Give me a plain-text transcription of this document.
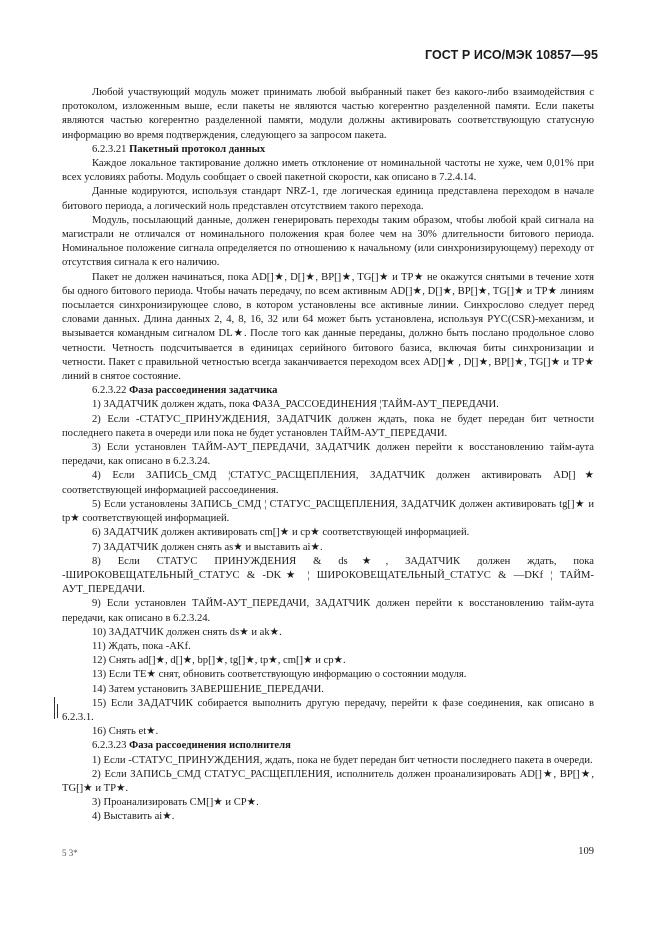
ГОСТ Р ИСО/МЭК 10857—95

Любой участвующий модуль может принимать любой выбранный пакет без какого-либо взаимодействия с протоколом, изложенным выше, если пакеты не являются частью когерентно разделенной памяти. Если пакеты являются частью когерентно разделенной памяти, модули должны активировать соответствующую статусную информацию во время подтверждения, следующего за запросом пакета.

6.2.3.21 Пакетный протокол данных

Каждое локальное тактирование должно иметь отклонение от номинальной частоты не хуже, чем 0,01% при всех условиях работы. Модуль сообщает о своей пакетной скорости, как описано в 7.2.4.14.

Данные кодируются, используя стандарт NRZ-1, где логическая единица представлена переходом в начале битового периода, а логический ноль представлен отсутствием такого перехода.

Модуль, посылающий данные, должен генерировать переходы таким образом, чтобы любой край сигнала на магистрали не отличался от номинального положения края более чем на 30% длительности битового периода. Номинальное положение сигнала определяется по отношению к начальному (или синхронизирующему) переходу от отсутствия сигнала к его наличию.

Пакет не должен начинаться, пока AD[]★, D[]★, BP[]★, TG[]★ и TP★ не окажутся снятыми в течение хотя бы одного битового периода. Чтобы начать передачу, по всем активным AD[]★, D[]★, BP[]★, TG[]★ и TP★ линиям посылается синхронизирующее слово, в котором установлены все активные линии. Синхрослово следует перед словами данных. Длина данных 2, 4, 8, 16, 32 или 64 может быть установлена, используя PYC(CSR)-механизм, и вызывается командным сигналом DL★. После того как данные переданы, должно быть послано продольное слово четности. Четность подсчитывается в единицах серийного битового базиса, включая биты синхронизации и четности. Пакет с правильной четностью всегда заканчивается переходом всех AD[]★ , D[]★, BP[]★, TG[]★ и TP★ линий в снятое состояние.

6.2.3.22 Фаза рассоединения задатчика

1) ЗАДАТЧИК должен ждать, пока ФАЗА_РАССОЕДИНЕНИЯ ¦ТАЙМ-АУТ_ПЕРЕДАЧИ.

2) Если -СТАТУС_ПРИНУЖДЕНИЯ, ЗАДАТЧИК должен ждать, пока не будет передан бит четности последнего пакета в очереди или пока не будет установлен ТАЙМ-АУТ_ПЕРЕДАЧИ.

3) Если установлен ТАЙМ-АУТ_ПЕРЕДАЧИ, ЗАДАТЧИК должен перейти к восстановлению тайм-аута передачи, как описано в 6.2.3.24.

4) Если ЗАПИСЬ_СМД ¦СТАТУС_РАСЩЕПЛЕНИЯ, ЗАДАТЧИК должен активировать AD[]★ соответствующей информацией рассоединения.

5) Если установлены ЗАПИСЬ_СМД ¦ СТАТУС_РАСЩЕПЛЕНИЯ, ЗАДАТЧИК должен активировать tg[]★ и tp★ соответствующей информацией.

6) ЗАДАТЧИК должен активировать cm[]★ и cp★ соответствующей информацией.

7) ЗАДАТЧИК должен снять as★ и выставить ai★.

8) Если СТАТУС ПРИНУЖДЕНИЯ & ds★, ЗАДАТЧИК должен ждать, пока -ШИРОКОВЕЩАТЕЛЬНЫЙ_СТАТУС & -DK★ ¦ ШИРОКОВЕЩАТЕЛЬНЫЙ_СТАТУС & —DKf ¦ ТАЙМ-АУТ_ПЕРЕДАЧИ.

9) Если установлен ТАЙМ-АУТ_ПЕРЕДАЧИ, ЗАДАТЧИК должен перейти к восстановлению тайм-аута передачи, как описано в 6.2.3.24.

10) ЗАДАТЧИК должен снять ds★ и ak★.

11) Ждать, пока -AKf.

12) Снять ad[]★, d[]★, bp[]★, tg[]★, tp★, cm[]★ и cp★.

13) Если TE★ снят, обновить соответствующую информацию о состоянии модуля.

14) Затем установить ЗАВЕРШЕНИЕ_ПЕРЕДАЧИ.

15) Если ЗАДАТЧИК собирается выполнить другую передачу, перейти к фазе соединения, как описано в 6.2.3.1.

16) Снять et★.

6.2.3.23 Фаза рассоединения исполнителя

1) Если -СТАТУС_ПРИНУЖДЕНИЯ, ждать, пока не будет передан бит четности последнего пакета в очереди.

2) Если ЗАПИСЬ_СМД СТАТУС_РАСЩЕПЛЕНИЯ, исполнитель должен проанализировать AD[]★, BP[]★, TG[]★ и TP★.

3) Проанализировать CM[]★ и CP★.

4) Выставить ai★.

5 3*	109
